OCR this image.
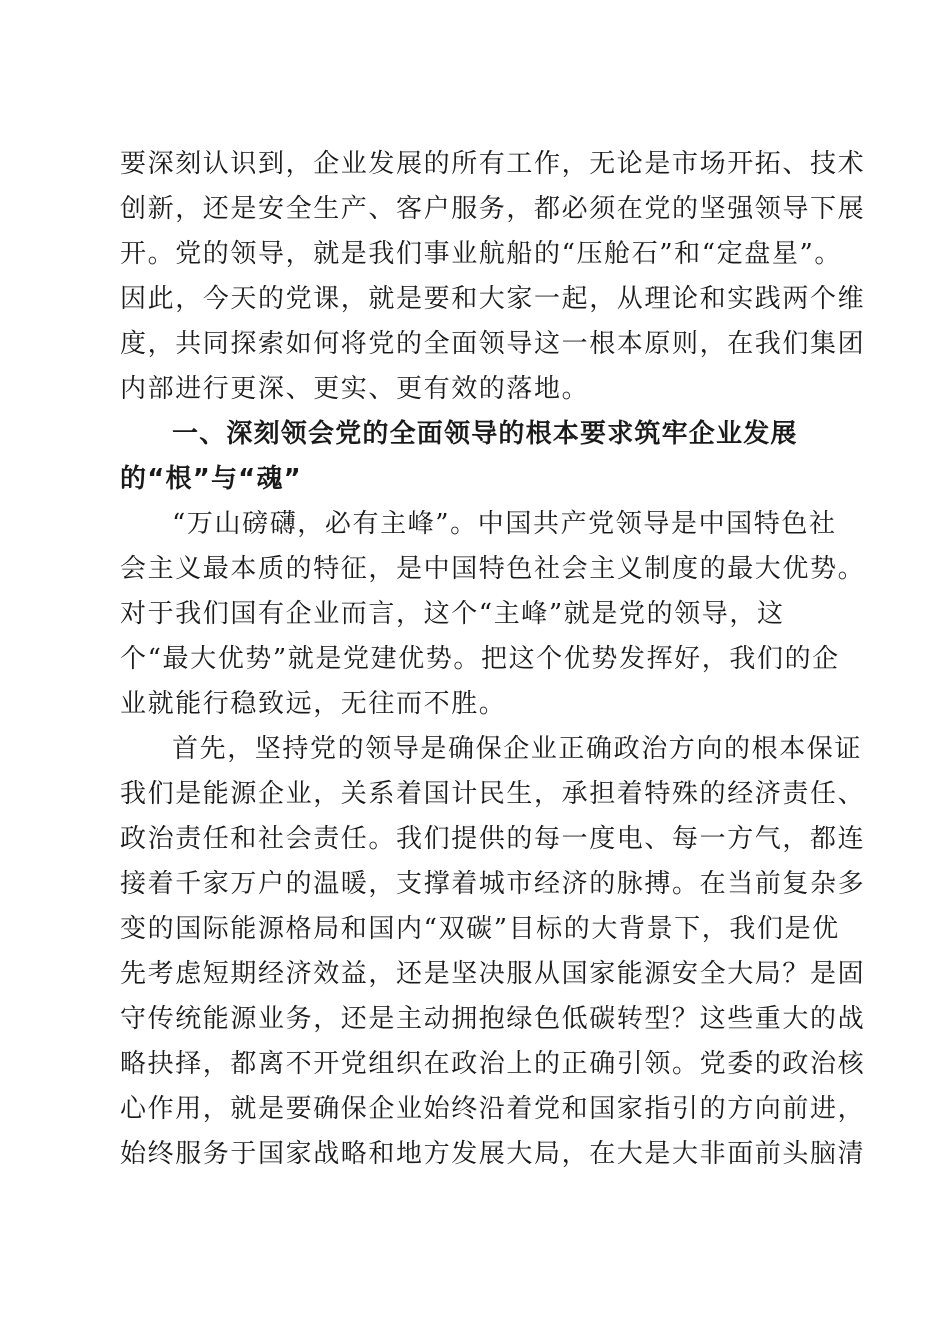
要深刻认识到，企业发展的所有工作，无论是市场开拓、技术
创新，还是安全生产、客户服务，都必须在党的坚强领导下展
开。党的领导，就是我们事业航船的“压舱石”和“定盘星”。
因此，今天的党课，就是要和大家一起，从理论和实践两个维
度，共同探索如何将党的全面领导这一根本原则，在我们集团
内部进行更深、更实、更有效的落地。
一、深刻领会党的全面领导的根本要求筑牢企业发展
的“根”与“魂”
“万山磅礴，必有主峰”。中国共产党领导是中国特色社
会主义最本质的特征，是中国特色社会主义制度的最大优势。
对于我们国有企业而言，这个“主峰”就是党的领导，这
个“最大优势”就是党建优势。把这个优势发挥好，我们的企
业就能行稳致远，无往而不胜。
首先，坚持党的领导是确保企业正确政治方向的根本保证
我们是能源企业，关系着国计民生，承担着特殊的经济责任、
政治责任和社会责任。我们提供的每一度电、每一方气，都连
接着千家万户的温暖，支撑着城市经济的脉搏。在当前复杂多
变的国际能源格局和国内“双碳”目标的大背景下，我们是优
先考虑短期经济效益，还是坚决服从国家能源安全大局？是固
守传统能源业务，还是主动拥抱绿色低碳转型？这些重大的战
略抉择，都离不开党组织在政治上的正确引领。党委的政治核
心作用，就是要确保企业始终沿着党和国家指引的方向前进，
始终服务于国家战略和地方发展大局，在大是大非面前头脑清
